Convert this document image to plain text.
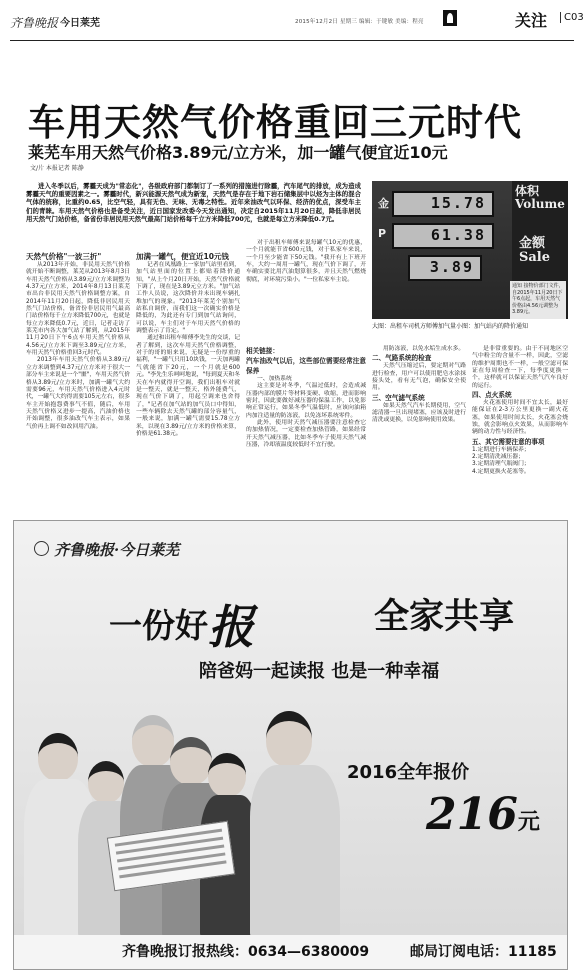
齐鲁晚报 今日莱芜	2015年12月2日 星期三 编辑：于键敏 美编：程亮	关注	C03
车用天然气价格重回三元时代
莱芜车用天然气价格3.89元/立方米，加一罐气便宜近10元
文/片 本报记者 陈静
进入冬季以后，雾霾天成为"常态化"，各级政府部门都制订了一系列的措施进行除霾，汽车尾气的排放，成为造成雾霾天气的重要因素之一。雾霾时代，新兴能源天然气成为新宠，天然气是存在于地下岩石储集层中以烃为主体的混合气体的统称，比重约0.65，比空气轻，具有无色、无味、无毒之特性。近年来油改气以环保、经济的优点，深受车主们的青睐。车用天然气价格也是备受关注，近日国家发改委今天发出通知，决定自2015年11月20日起，降低非居民用天然气门站价格，备省份非居民用天然气最高门站价格每千立方米降低700元，也就是每立方米降低0.7元。
金	15.78
P	61.38
3.89
体积 Volume
金额 Sale
通知 接物价部门文件，自2015年11月20日下午6点起，车用天然气价格由4.56元调整为3.89元。
大图：出租车司机方师傅加气量小图：加气站内的降价通知

天然气价格"一波三折"

从2013年开始，非民用天然气价格就开始不断调整，莱芜从2013年8月3日车用天然气价格从3.89元/立方米调整为4.37元/立方米，2014年8月13日莱芜市出台非民用天然气价格调整方案，自2014年11月20日起，降低非居民用天然气门站价格，备省份非居民用气最高门站价格每千立方米降低700元，也就是每立方米降低0.7元，近日，记者走访了莱芜市内各大加气站了解到，从2015年11月20日下午6点车用天然气价格从4.56元/立方米下调至3.89元/立方米，车用天然气价格重回3元时代。

2013年车用天然气价格从3.89元/立方米调整到4.37元/立方米对于很大一部分车主来说是一个"噩"，车用天然气价格从3.89元/立方米时，加满一罐气大约需要96元，车用天然气价格进入4元时代，一罐气大约得需要105元左右，很多车主开始抱怨费事气不值，随后，车用天然气价格又进步一提高，汽油价格也开始调整，很多油改气车主表示，如果气价再上调不如改回用汽油。

加满一罐气，便宜近10元钱

记者在凤凰路上一家加气站里看到，加气站里面的位置上都贴着降价通知，"从上个月20日开始，天然气价格就下调了，现在是3.89元立方米。"加气站工作人员说，这次降价并未出现车辆扎堆加气的现象。"2013年莱芜个别加气站私自调价，而我们这一次确实价格是降低的，为此还有专门到加气站询问，可以说，车主们对于车用天然气价格的调整表示了肯定。"

通过和出租车师傅李先生的交谈，记者了解到，这次车用天然气价格调整，对于的哥的姐来说，无疑是一份厚重的福利，"一罐气只用10块钱，一天加两罐气就能省下20元，一个月就是600元。"李先生乐呵呵地说，"每到夏天和冬天在车内就得开空调，我们出租车对就是一整天，就是一整天，格外能费气，现在气价下调了，用起空调来也舍得了，"记者在加气站的加气员口中得知，一些车辆除去天然气罐的部分容量气，一般来说，加满一罐气需要15.78立方米，以现在3.89元/立方米的价格来算，价格是61.38元。

对于出租车师傅来说每罐气10元的优惠，一个月就能节省600元钱，对于私家车来说，一个月至少能省下50元钱。"我开有上下班开车，大约一周用一罐气，现在气价下调了，开车确实要比用汽油划算很多，并且天然气燃烧彻底，对环境污染小。"一位私家车主说。

相关链接：

汽车油改气以后，这些部位需要经常注意保养

一、加热系统

这主要是对冬季，气温过低时，会造成减压器内部的膜片等材料变硬、收缩，进而影响密封，因此要做好减压器的保温工作，以免影响正常运行，如果冬季气温低时，应该向油箱内加注适量的防冻液，以免冻坏系统零件。

此外，使用时天然气减压器要注意检查它的加热情况，一定要检查加热管路，如果经常开天然气减压器，比如冬季车子使用天然气减压器，冷却液温度较低时不宜行驶。

用防冻液，以免水垢生成水多。

二、气路系统的检查

天然气压缩过后，要定期对气路进行检查，用户可以使用肥皂水涂抹接头处，看有无气泡，确保安全使用。

三、空气滤气系统

如果天然气汽车长期使用，空气滤清器一旦出现堵塞，应该及时进行清洗或更换，以免影响使用效果。

是非常重要的。由于不同地区空气中粉尘的含量不一样，因此，空滤的维护周期也不一样，一般空滤可保证在每周检查一下，每季度更换一个，这样就可以保证天然气汽车良好的运行。

四、点火系统

火花塞使用时间不宜太长，最好能保证在2-3万公里更换一副火花塞，如果使用时间太长，火花塞会烧蚀，就会影响点火效果，从而影响车辆的动力性与经济性。

五、其它需要注意的事项

1.定期进行车辆保养；

2.定期清洗减压器；

3.定期清理气瓶阀门；

4.定期更换火花塞等。

齐鲁晚报·今日莱芜
一份好报	全家共享
陪爸妈一起读报 也是一种幸福
2016全年报价
216元
齐鲁晚报订报热线：0634—6380009	邮局订阅电话：11185
